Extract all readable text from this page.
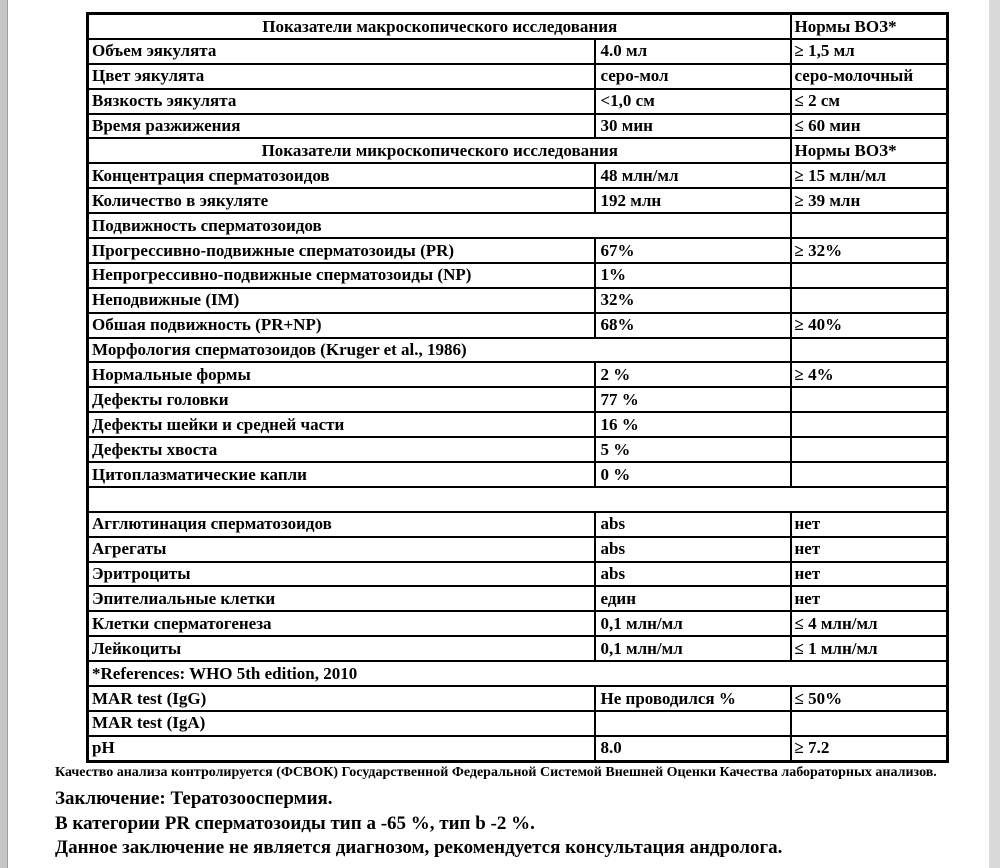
Показатели макроскопического исследования		Нормы ВОЗ*
Объем эякулята	4.0 мл	≥ 1,5 мл
Цвет эякулята	серо-мол	серо-молочный
Вязкость эякулята	<1,0 см	≤ 2 см
Время разжижения	30 мин	≤ 60 мин
Показатели микроскопического исследования		Нормы ВОЗ*
Концентрация сперматозоидов	48 млн/мл	≥ 15 млн/мл
Количество в эякуляте	192 млн	≥ 39 млн
Подвижность сперматозоидов		
Прогрессивно-подвижные сперматозоиды (PR)	67%	≥ 32%
Непрогрессивно-подвижные сперматозоиды (NP)	1%	
Неподвижные (IM)	32%	
Обшая подвижность (PR+NP)	68%	≥ 40%
Морфология сперматозоидов (Kruger et al., 1986)		
Нормальные формы	2 %	≥ 4%
Дефекты головки	77 %	
Дефекты шейки и средней части	16 %	
Дефекты хвоста	5 %	
Цитоплазматические капли	0 %	

Агглютинация сперматозоидов	abs	нет
Агрегаты	abs	нет
Эритроциты	abs	нет
Эпителиальные клетки	един	нет
Клетки сперматогенеза	0,1 млн/мл	≤ 4 млн/мл
Лейкоциты	0,1 млн/мл	≤ 1 млн/мл
*References: WHO 5th edition, 2010		
MAR test (IgG)	Не проводился %	≤ 50%
MAR test (IgA)		
pH	8.0	≥ 7.2

Качество анализа контролируется (ФСВОК) Государственной Федеральной Системой Внешней Оценки Качества лабораторных анализов.

Заключение: Тератозооспермия.

В категории PR сперматозоиды тип a -65 %, тип b -2 %.

Данное заключение не является диагнозом, рекомендуется консультация андролога.
